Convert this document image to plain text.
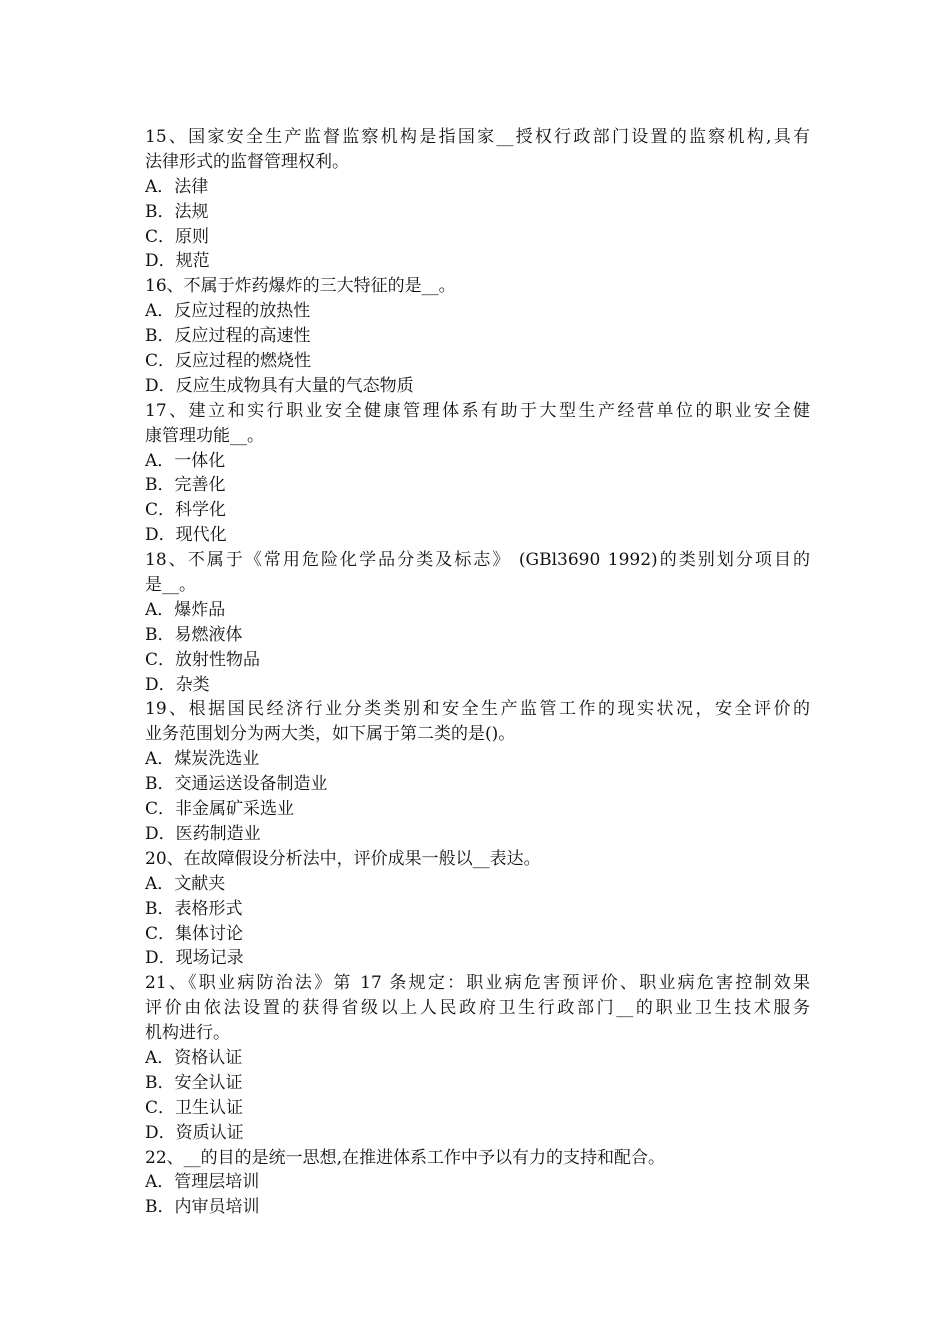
15、国家安全生产监督监察机构是指国家__授权行政部门设置的监察机构,具有
法律形式的监督管理权利。
A．法律
B．法规
C．原则
D．规范
16、不属于炸药爆炸的三大特征的是__。
A．反应过程的放热性
B．反应过程的高速性
C．反应过程的燃烧性
D．反应生成物具有大量的气态物质
17、建立和实行职业安全健康管理体系有助于大型生产经营单位的职业安全健
康管理功能__。
A．一体化
B．完善化
C．科学化
D．现代化
18、不属于《常用危险化学品分类及标志》 (GBl3690 1992)的类别划分项目的
是__。
A．爆炸品
B．易燃液体
C．放射性物品
D．杂类
19、根据国民经济行业分类类别和安全生产监管工作的现实状况，安全评价的
业务范围划分为两大类，如下属于第二类的是()。
A．煤炭洗选业
B．交通运送设备制造业
C．非金属矿采选业
D．医药制造业
20、在故障假设分析法中，评价成果一般以__表达。
A．文献夹
B．表格形式
C．集体讨论
D．现场记录
21、《职业病防治法》第 17 条规定：职业病危害预评价、职业病危害控制效果
评价由依法设置的获得省级以上人民政府卫生行政部门__的职业卫生技术服务
机构进行。
A．资格认证
B．安全认证
C．卫生认证
D．资质认证
22、__的目的是统一思想,在推进体系工作中予以有力的支持和配合。
A．管理层培训
B．内审员培训
